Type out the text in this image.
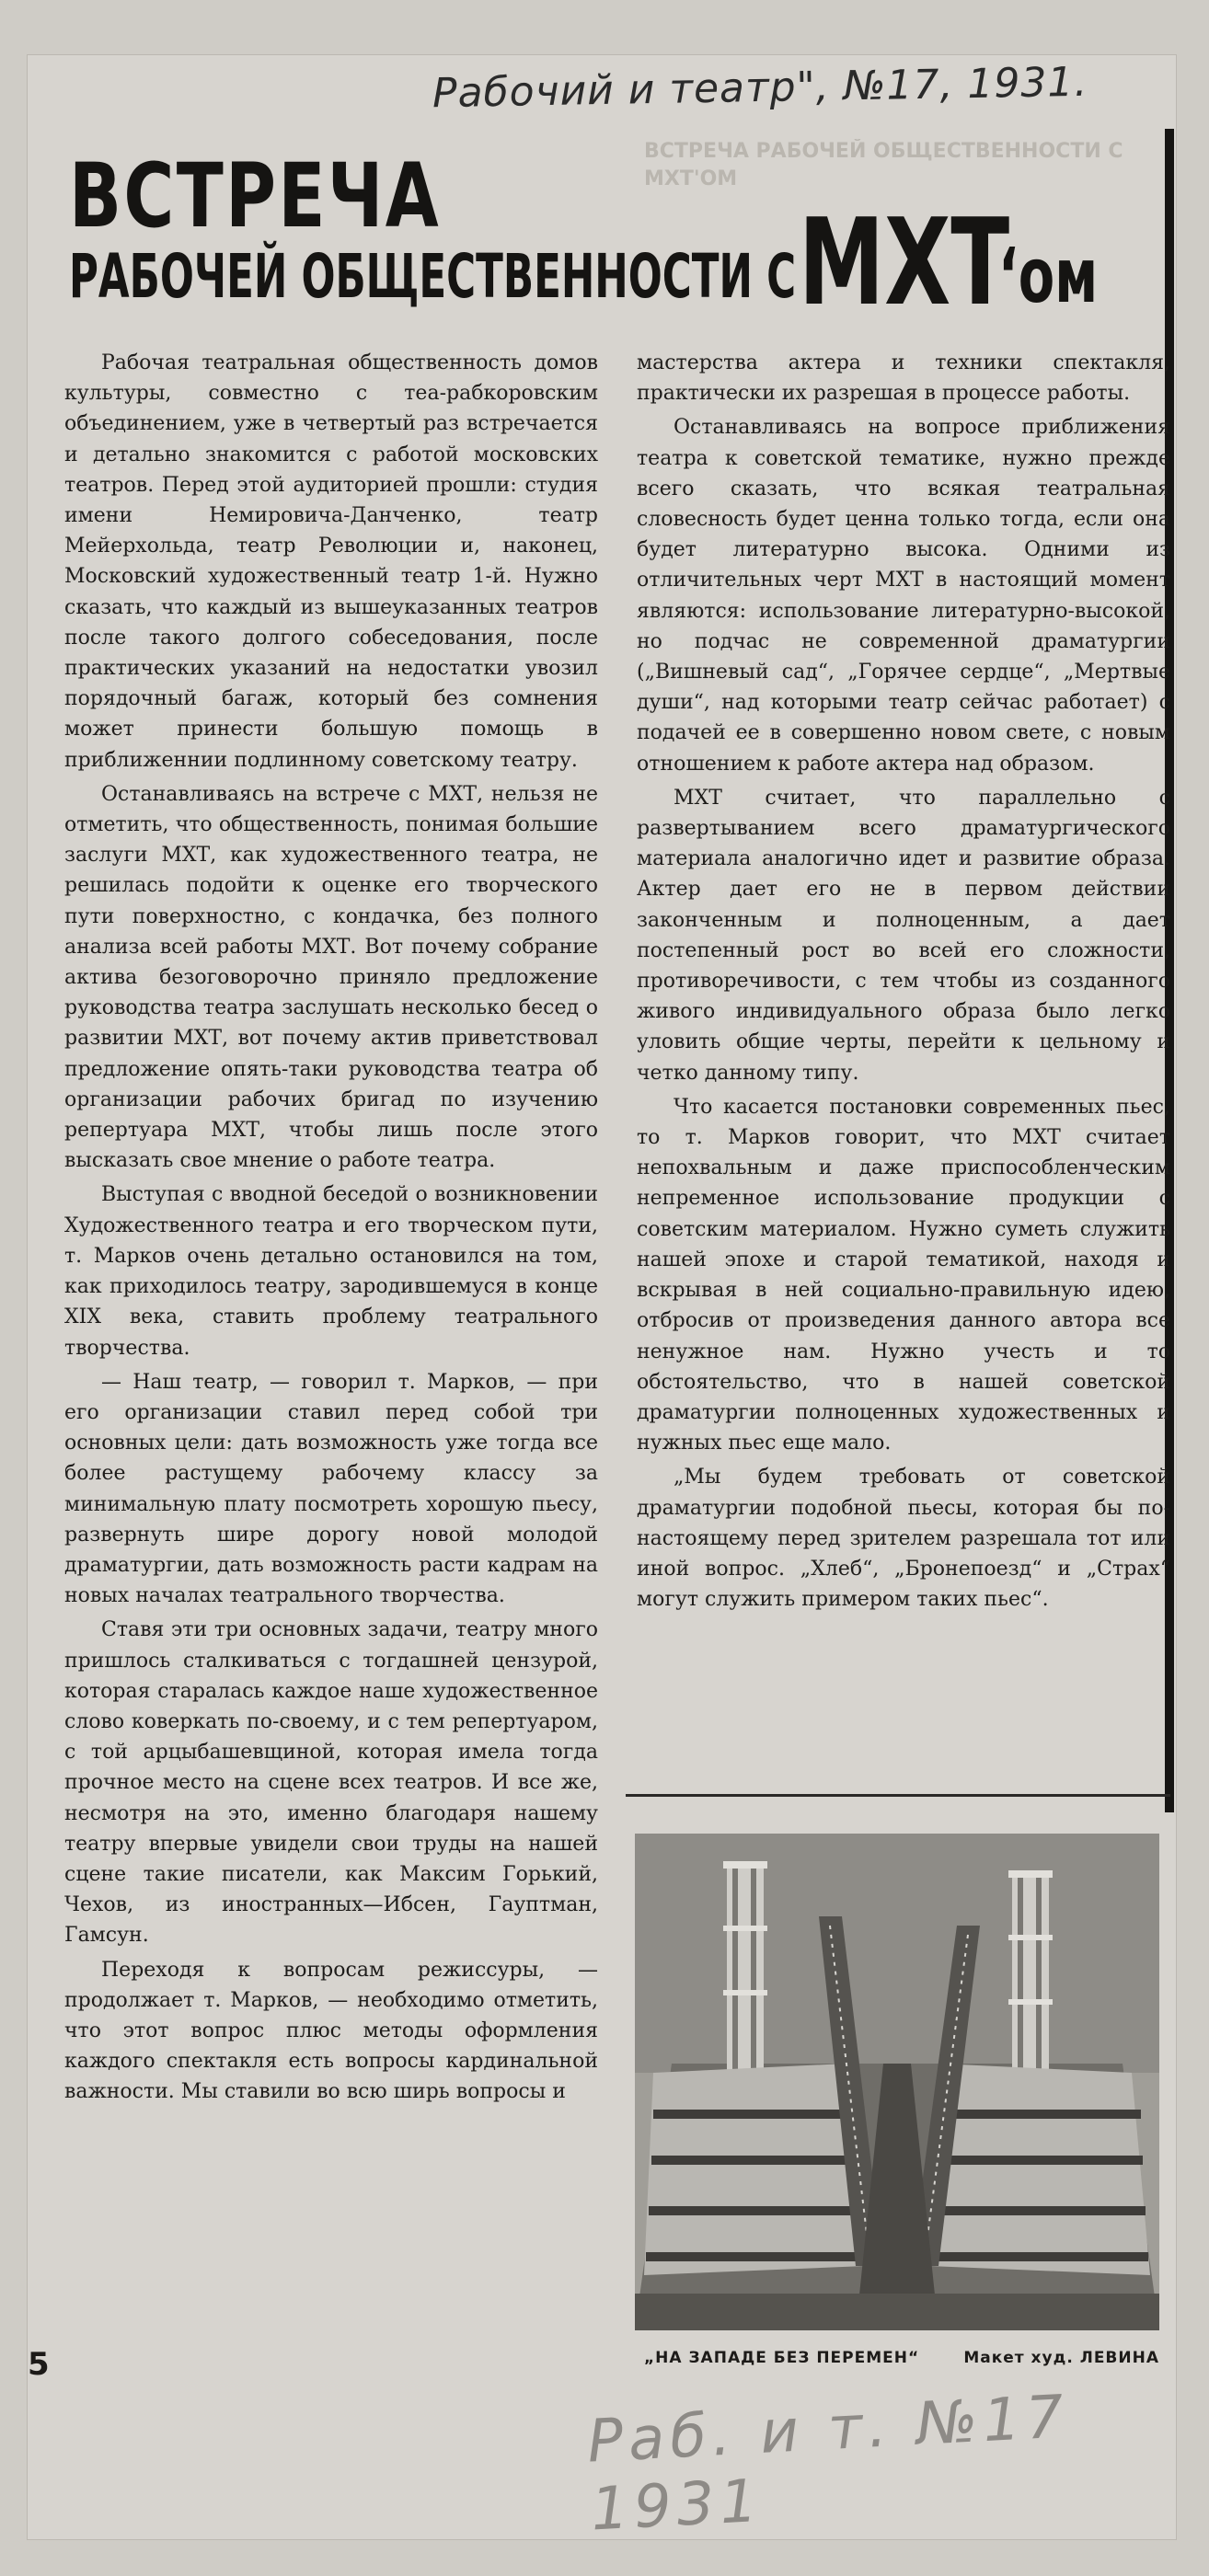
Рабочий и театр", №17, 1931.
ВСТРЕЧА РАБОЧЕЙ ОБЩЕСТВЕННОСТИ С МХТ'ОМ
ВСТРЕЧА
РАБОЧЕЙ ОБЩЕСТВЕННОСТИ С МХТ
‘ом

Рабочая театральная общественность домов культуры, совместно с теа-рабкоровским объединением, уже в четвертый раз встречается и детально знакомится с работой московских театров. Перед этой аудиторией прошли: студия имени Немировича-Данченко, театр Мейерхольда, театр Революции и, наконец, Московский художественный театр 1-й. Нужно сказать, что каждый из вышеуказанных театров после такого долгого собеседования, после практических указаний на недостатки увозил порядочный багаж, который без сомнения может принести большую помощь в приближеннии подлинному советскому театру.

Останавливаясь на встрече с МХТ, нельзя не отметить, что общественность, понимая большие заслуги МХТ, как художественного театра, не решилась подойти к оценке его творческого пути поверхностно, с кондачка, без полного анализа всей работы МХТ. Вот почему собрание актива безоговорочно приняло предложение руководства театра заслушать несколько бесед о развитии МХТ, вот почему актив приветствовал предложение опять-таки руководства театра об организации рабочих бригад по изучению репертуара МХТ, чтобы лишь после этого высказать свое мнение о работе театра.

Выступая с вводной беседой о возникновении Художественного театра и его творческом пути, т. Марков очень детально остановился на том, как приходилось театру, зародившемуся в конце XIX века, ставить проблему театрального творчества.

— Наш театр, — говорил т. Марков, — при его организации ставил перед собой три основных цели: дать возможность уже тогда все более растущему рабочему классу за минимальную плату посмотреть хорошую пьесу, развернуть шире дорогу новой молодой драматургии, дать возможность расти кадрам на новых началах театрального творчества.

Ставя эти три основных задачи, театру много пришлось сталкиваться с тогдашней цензурой, которая старалась каждое наше художественное слово коверкать по-своему, и с тем репертуаром, с той арцыбашевщиной, которая имела тогда прочное место на сцене всех театров. И все же, несмотря на это, именно благодаря нашему театру впервые увидели свои труды на нашей сцене такие писатели, как Максим Горький, Чехов, из иностранных—Ибсен, Гауптман, Гамсун.

Переходя к вопросам режиссуры, — продолжает т. Марков, — необходимо отметить, что этот вопрос плюс методы оформления каждого спектакля есть вопросы кардинальной важности. Мы ставили во всю ширь вопросы и

мастерства актера и техники спектакля, практически их разрешая в процессе работы.

Останавливаясь на вопросе приближения театра к советской тематике, нужно прежде всего сказать, что всякая театральная словесность будет ценна только тогда, если она будет литературно высока. Одними из отличительных черт МХТ в настоящий момент являются: использование литературно-высокой, но подчас не современной драматургии („Вишневый сад“, „Горячее сердце“, „Мертвые души“, над которыми театр сейчас работает) с подачей ее в совершенно новом свете, с новым отношением к работе актера над образом.

МХТ считает, что параллельно с развертыванием всего драматургического материала аналогично идет и развитие образа. Актер дает его не в первом действии законченным и полноценным, а дает постепенный рост во всей его сложности, противоречивости, с тем чтобы из созданного живого индивидуального образа было легко уловить общие черты, перейти к цельному и четко данному типу.

Что касается постановки современных пьес, то т. Марков говорит, что МХТ считает непохвальным и даже приспособленческим непременное использование продукции с советским материалом. Нужно суметь служить нашей эпохе и старой тематикой, находя и вскрывая в ней социально-правильную идею, отбросив от произведения данного автора все ненужное нам. Нужно учесть и то обстоятельство, что в нашей советской драматургии полноценных художественных и нужных пьес еще мало.

„Мы будем требовать от советской драматургии подобной пьесы, которая бы по-настоящему перед зрителем разрешала тот или иной вопрос. „Хлеб“, „Бронепоезд“ и „Страх“ могут служить примером таких пьес“.

„НА ЗАПАДЕ БЕЗ ПЕРЕМЕН“	Макет худ. ЛЕВИНА
5
Раб. и т. №17 1931
